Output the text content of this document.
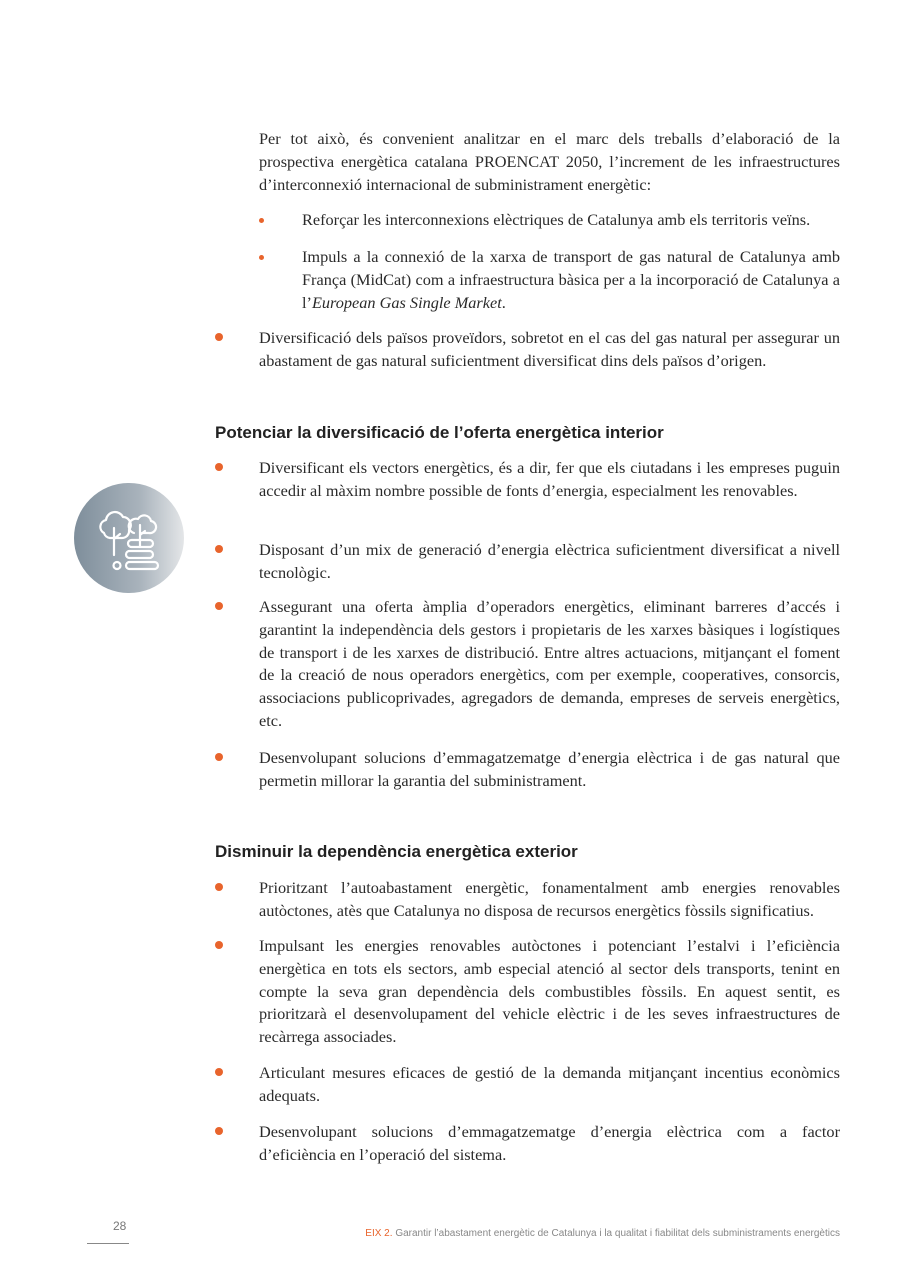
Per tot això, és convenient analitzar en el marc dels treballs d’elaboració de la prospectiva energètica catalana PROENCAT 2050, l’increment de les infraestructures d’interconnexió internacional de subministrament energètic:

Reforçar les interconnexions elèctriques de Catalunya amb els territoris veïns.

Impuls a la connexió de la xarxa de transport de gas natural de Catalunya amb França (MidCat) com a infraestructura bàsica per a la incorporació de Catalunya a l’European Gas Single Market.

Diversificació dels països proveïdors, sobretot en el cas del gas natural per assegurar un abastament de gas natural suficientment diversificat dins dels països d’origen.

Potenciar la diversificació de l’oferta energètica interior

Diversificant els vectors energètics, és a dir, fer que els ciutadans i les empreses puguin accedir al màxim nombre possible de fonts d’energia, especialment les renovables.

Disposant d’un mix de generació d’energia elèctrica suficientment diversificat a nivell tecnològic.

Assegurant una oferta àmplia d’operadors energètics, eliminant barreres d’accés i garantint la independència dels gestors i propietaris de les xarxes bàsiques i logístiques de transport i de les xarxes de distribució. Entre altres actuacions, mitjançant el foment de la creació de nous operadors energètics, com per exemple, cooperatives, consorcis, associacions publicoprivades, agregadors de demanda, empreses de serveis energètics, etc.

Desenvolupant solucions d’emmagatzematge d’energia elèctrica i de gas natural que permetin millorar la garantia del subministrament.

Disminuir la dependència energètica exterior

Prioritzant l’autoabastament energètic, fonamentalment amb energies renovables autòctones, atès que Catalunya no disposa de recursos energètics fòssils significatius.

Impulsant les energies renovables autòctones i potenciant l’estalvi i l’eficiència energètica en tots els sectors, amb especial atenció al sector dels transports, tenint en compte la seva gran dependència dels combustibles fòssils. En aquest sentit, es prioritzarà el desenvolupament del vehicle elèctric i de les seves infraestructures de recàrrega associades.

Articulant mesures eficaces de gestió de la demanda mitjançant incentius econòmics adequats.

Desenvolupant solucions d’emmagatzematge d’energia elèctrica com a factor d’eficiència en l’operació del sistema.

28
EIX 2. Garantir l’abastament energètic de Catalunya i la qualitat i fiabilitat dels subministraments energètics
